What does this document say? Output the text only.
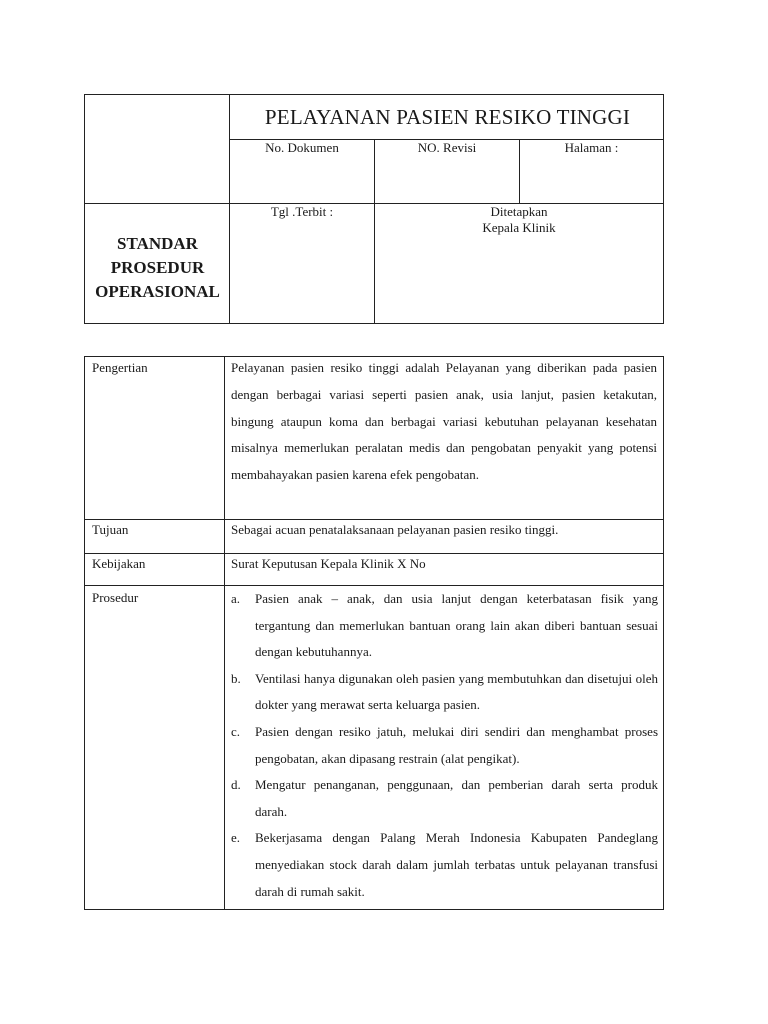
PELAYANAN PASIEN RESIKO TINGGI
No. Dokumen	NO. Revisi	Halaman :
Tgl .Terbit :	Ditetapkan
Kepala Klinik
STANDAR
PROSEDUR
OPERASIONAL
Pengertian	Pelayanan pasien resiko tinggi adalah Pelayanan yang diberikan pada pasien dengan berbagai variasi seperti pasien anak, usia lanjut, pasien ketakutan, bingung ataupun koma dan berbagai variasi kebutuhan pelayanan kesehatan misalnya memerlukan peralatan medis dan pengobatan penyakit yang potensi membahayakan pasien karena efek pengobatan.
Tujuan	Sebagai acuan penatalaksanaan pelayanan pasien resiko tinggi.
Kebijakan	Surat Keputusan Kepala Klinik X No
Prosedur	a.	Pasien anak – anak, dan usia lanjut dengan keterbatasan fisik yang tergantung dan memerlukan bantuan orang lain akan diberi bantuan sesuai dengan kebutuhannya.
b.	Ventilasi hanya digunakan oleh pasien yang membutuhkan dan disetujui oleh dokter yang merawat serta keluarga pasien.
c.	Pasien dengan resiko jatuh, melukai diri sendiri dan menghambat proses pengobatan, akan dipasang restrain (alat pengikat).
d.	Mengatur penanganan, penggunaan, dan pemberian darah serta produk darah.
e.	Bekerjasama dengan Palang Merah Indonesia Kabupaten Pandeglang menyediakan stock darah dalam jumlah terbatas untuk pelayanan transfusi darah di rumah sakit.
